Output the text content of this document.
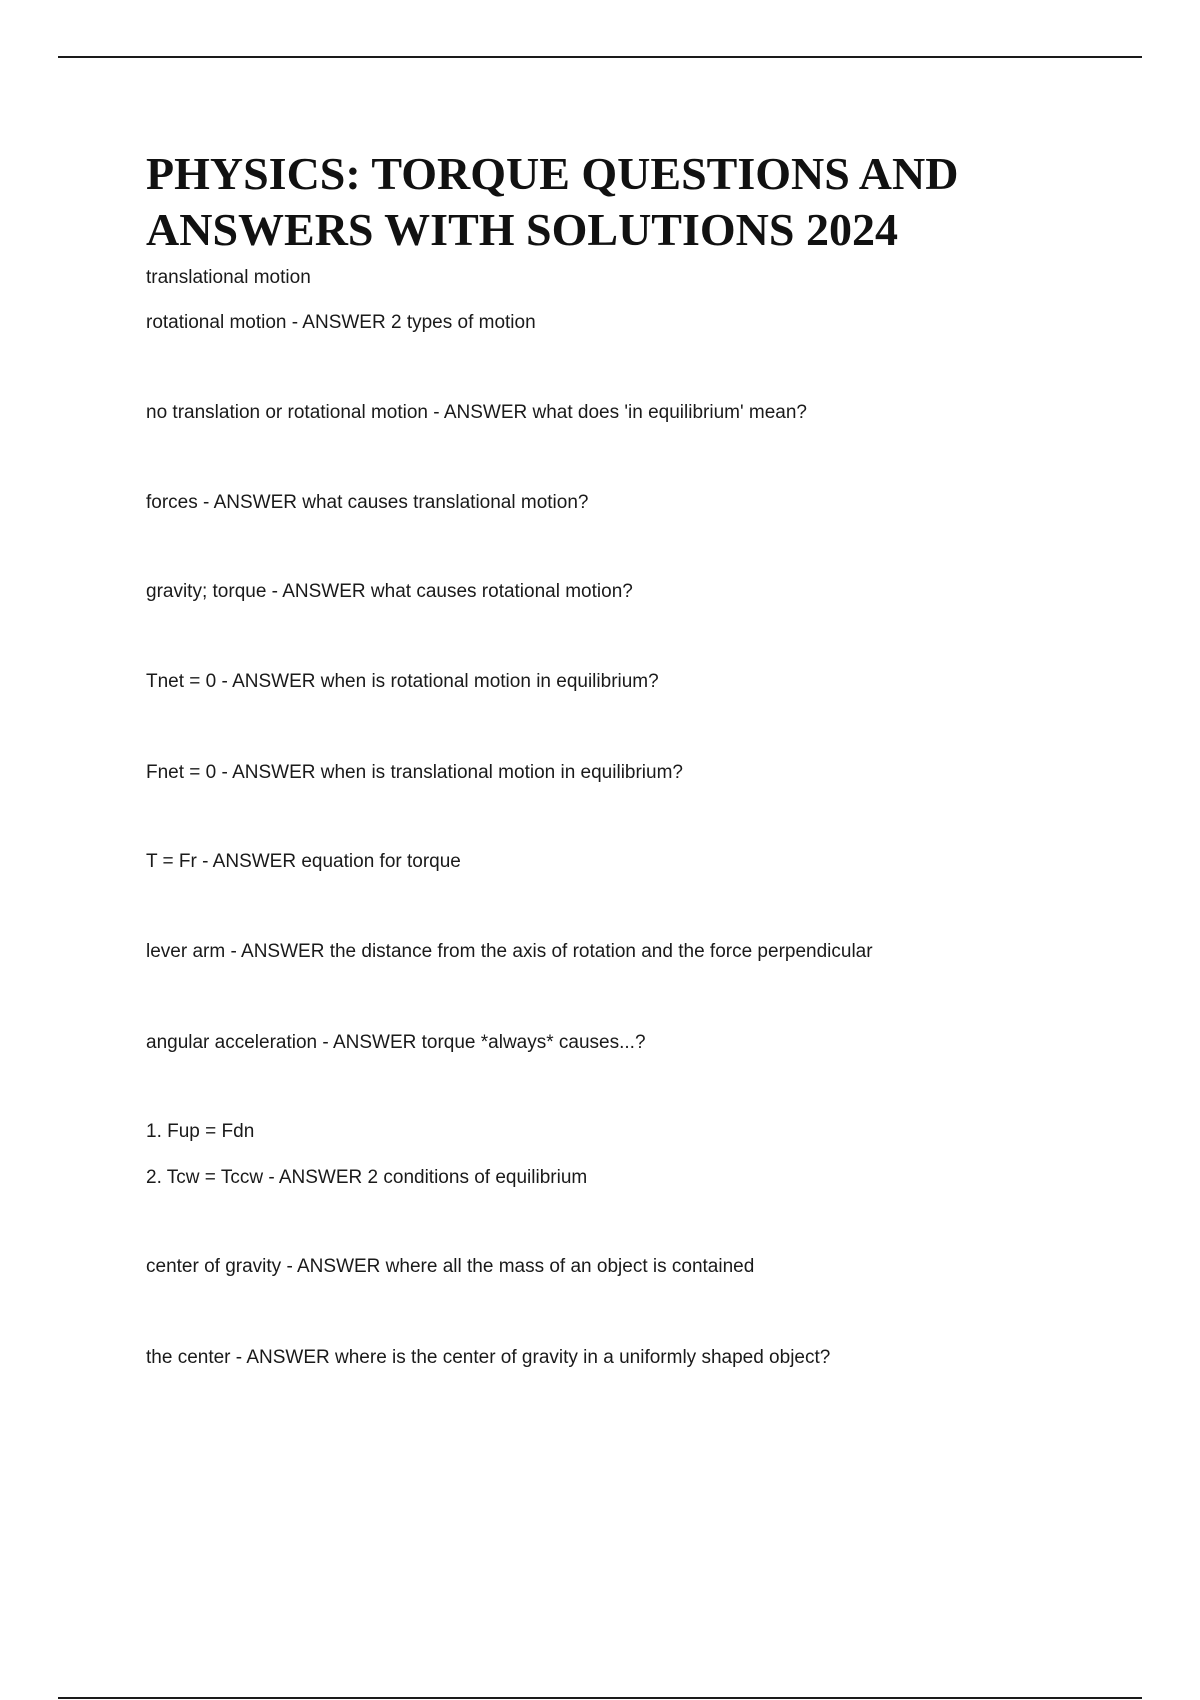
PHYSICS: TORQUE QUESTIONS AND ANSWERS WITH SOLUTIONS 2024
translational motion
rotational motion - ANSWER 2 types of motion
no translation or rotational motion - ANSWER what does 'in equilibrium' mean?
forces - ANSWER what causes translational motion?
gravity; torque - ANSWER what causes rotational motion?
Tnet = 0 - ANSWER when is rotational motion in equilibrium?
Fnet = 0 - ANSWER when is translational motion in equilibrium?
T = Fr - ANSWER equation for torque
lever arm - ANSWER the distance from the axis of rotation and the force perpendicular
angular acceleration - ANSWER torque *always* causes...?
1. Fup = Fdn
2. Tcw = Tccw - ANSWER 2 conditions of equilibrium
center of gravity - ANSWER where all the mass of an object is contained
the center - ANSWER where is the center of gravity in a uniformly shaped object?
